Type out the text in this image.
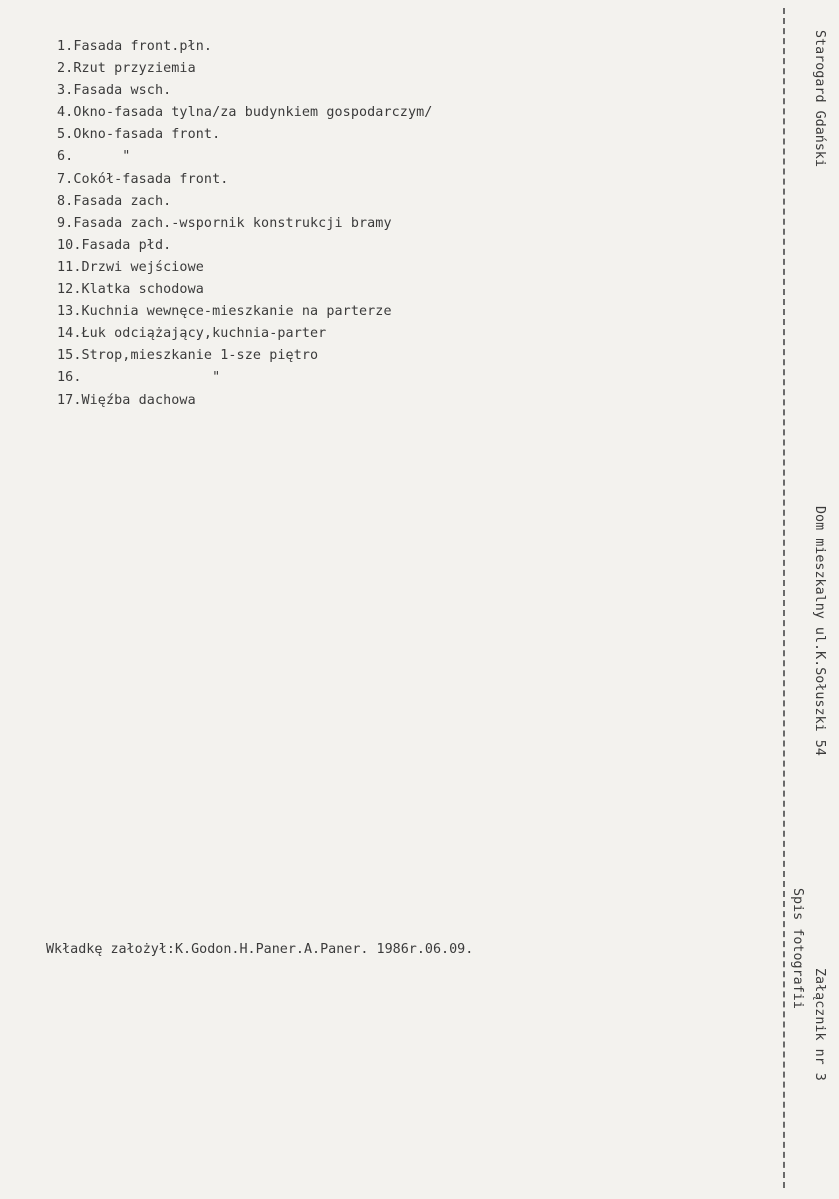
1.Fasada front.płn.
2.Rzut przyziemia
3.Fasada wsch.
4.Okno-fasada tylna/za budynkiem gospodarczym/
5.Okno-fasada front.
6.      "
7.Cokół-fasada front.
8.Fasada zach.
9.Fasada zach.-wspornik konstrukcji bramy
10.Fasada płd.
11.Drzwi wejściowe
12.Klatka schodowa
13.Kuchnia wewnęce-mieszkanie na parterze
14.Łuk odciążający,kuchnia-parter
15.Strop,mieszkanie 1-sze piętro
16.                "
17.Więźba dachowa
Wkładkę założył:K.Godon.H.Paner.A.Paner. 1986r.06.09.
Starogard Gdański
Dom mieszkalny ul.K.Sołuszki 54
Załącznik nr 3
Spis fotografii
